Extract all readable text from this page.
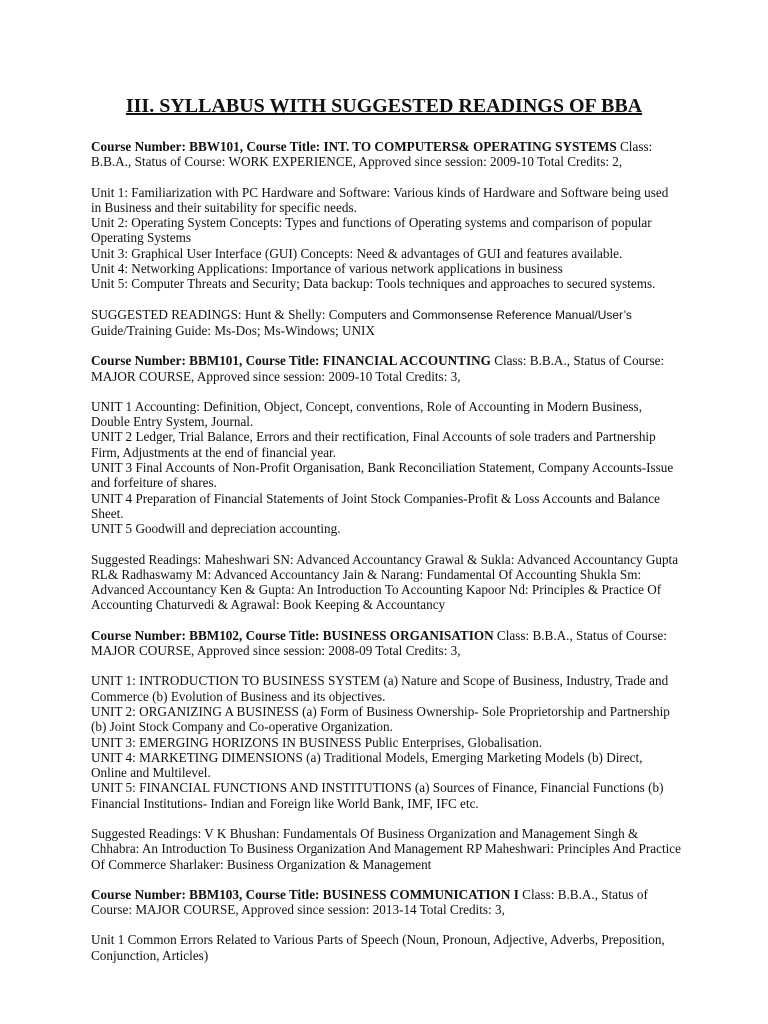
III. SYLLABUS WITH SUGGESTED READINGS OF BBA

Course Number: BBW101, Course Title: INT. TO COMPUTERS& OPERATING SYSTEMS Class: B.B.A., Status of Course: WORK EXPERIENCE, Approved since session: 2009-10 Total Credits: 2,

Unit 1: Familiarization with PC Hardware and Software: Various kinds of Hardware and Software being used in Business and their suitability for specific needs.

Unit 2: Operating System Concepts: Types and functions of Operating systems and comparison of popular Operating Systems

Unit 3: Graphical User Interface (GUI) Concepts: Need & advantages of GUI and features available.

Unit 4: Networking Applications: Importance of various network applications in business

Unit 5: Computer Threats and Security; Data backup: Tools techniques and approaches to secured systems.

SUGGESTED READINGS: Hunt & Shelly: Computers and Commonsense Reference Manual/User’s Guide/Training Guide: Ms-Dos; Ms-Windows; UNIX

Course Number: BBM101, Course Title: FINANCIAL ACCOUNTING Class: B.B.A., Status of Course: MAJOR COURSE, Approved since session: 2009-10 Total Credits: 3,

UNIT 1 Accounting: Definition, Object, Concept, conventions, Role of Accounting in Modern Business, Double Entry System, Journal.

UNIT 2 Ledger, Trial Balance, Errors and their rectification, Final Accounts of sole traders and Partnership Firm, Adjustments at the end of financial year.

UNIT 3 Final Accounts of Non-Profit Organisation, Bank Reconciliation Statement, Company Accounts-Issue and forfeiture of shares.

UNIT 4 Preparation of Financial Statements of Joint Stock Companies-Profit & Loss Accounts and Balance Sheet.

UNIT 5 Goodwill and depreciation accounting.

Suggested Readings: Maheshwari SN: Advanced Accountancy Grawal & Sukla: Advanced Accountancy Gupta RL& Radhaswamy M: Advanced Accountancy Jain & Narang: Fundamental Of Accounting Shukla Sm: Advanced Accountancy Ken & Gupta: An Introduction To Accounting Kapoor Nd: Principles & Practice Of Accounting Chaturvedi & Agrawal: Book Keeping & Accountancy

Course Number: BBM102, Course Title: BUSINESS ORGANISATION Class: B.B.A., Status of Course: MAJOR COURSE, Approved since session: 2008-09 Total Credits: 3,

UNIT 1: INTRODUCTION TO BUSINESS SYSTEM (a) Nature and Scope of Business, Industry, Trade and Commerce (b) Evolution of Business and its objectives.

UNIT 2: ORGANIZING A BUSINESS (a) Form of Business Ownership- Sole Proprietorship and Partnership (b) Joint Stock Company and Co-operative Organization.

UNIT 3: EMERGING HORIZONS IN BUSINESS Public Enterprises, Globalisation.

UNIT 4: MARKETING DIMENSIONS (a) Traditional Models, Emerging Marketing Models (b) Direct, Online and Multilevel.

UNIT 5: FINANCIAL FUNCTIONS AND INSTITUTIONS (a) Sources of Finance, Financial Functions (b) Financial Institutions- Indian and Foreign like World Bank, IMF, IFC etc.

Suggested Readings: V K Bhushan: Fundamentals Of Business Organization and Management Singh & Chhabra: An Introduction To Business Organization And Management RP Maheshwari: Principles And Practice Of Commerce Sharlaker: Business Organization & Management

Course Number: BBM103, Course Title: BUSINESS COMMUNICATION I Class: B.B.A., Status of Course: MAJOR COURSE, Approved since session: 2013-14 Total Credits: 3,

Unit 1 Common Errors Related to Various Parts of Speech (Noun, Pronoun, Adjective, Adverbs, Preposition, Conjunction, Articles)
